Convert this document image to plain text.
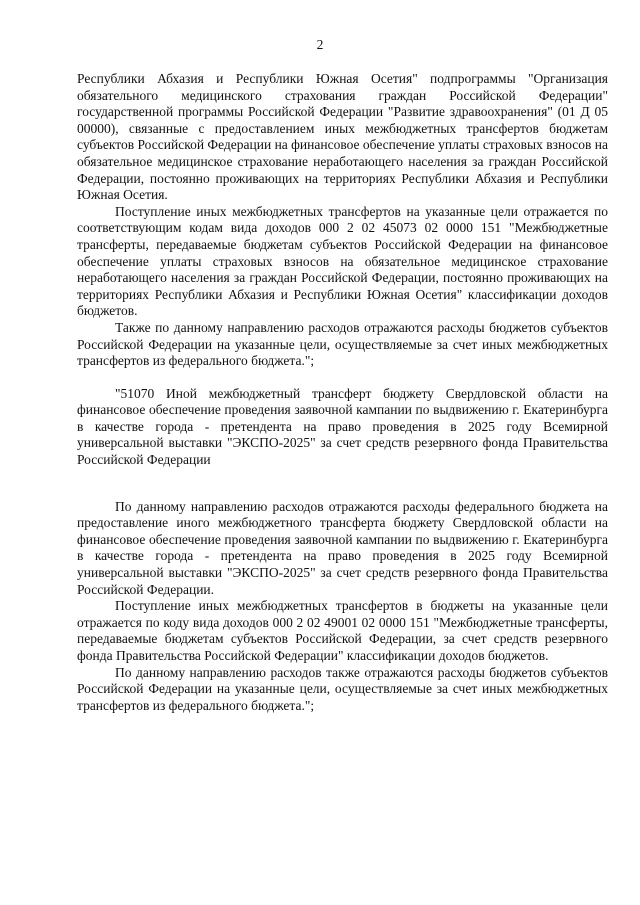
2

Республики Абхазия и Республики Южная Осетия" подпрограммы "Организация обязательного медицинского страхования граждан Российской Федерации" государственной программы Российской Федерации "Развитие здравоохранения" (01 Д 05 00000), связанные с предоставлением иных межбюджетных трансфертов бюджетам субъектов Российской Федерации на финансовое обеспечение уплаты страховых взносов на обязательное медицинское страхование неработающего населения за граждан Российской Федерации, постоянно проживающих на территориях Республики Абхазия и Республики Южная Осетия.

Поступление иных межбюджетных трансфертов на указанные цели отражается по соответствующим кодам вида доходов 000 2 02 45073 02 0000 151 "Межбюджетные трансферты, передаваемые бюджетам субъектов Российской Федерации на финансовое обеспечение уплаты страховых взносов на обязательное медицинское страхование неработающего населения за граждан Российской Федерации, постоянно проживающих на территориях Республики Абхазия и Республики Южная Осетия" классификации доходов бюджетов.

Также по данному направлению расходов отражаются расходы бюджетов субъектов Российской Федерации на указанные цели, осуществляемые за счет иных межбюджетных трансфертов из федерального бюджета.";

"51070 Иной межбюджетный трансферт бюджету Свердловской области на финансовое обеспечение проведения заявочной кампании по выдвижению г. Екатеринбурга в качестве города - претендента на право проведения в 2025 году Всемирной универсальной выставки "ЭКСПО-2025" за счет средств резервного фонда Правительства Российской Федерации

По данному направлению расходов отражаются расходы федерального бюджета на предоставление иного межбюджетного трансферта бюджету Свердловской области на финансовое обеспечение проведения заявочной кампании по выдвижению г. Екатеринбурга в качестве города - претендента на право проведения в 2025 году Всемирной универсальной выставки "ЭКСПО-2025" за счет средств резервного фонда Правительства Российской Федерации.

Поступление иных межбюджетных трансфертов в бюджеты на указанные цели отражается по коду вида доходов 000 2 02 49001 02 0000 151 "Межбюджетные трансферты, передаваемые бюджетам субъектов Российской Федерации, за счет средств резервного фонда Правительства Российской Федерации" классификации доходов бюджетов.

По данному направлению расходов также отражаются расходы бюджетов субъектов Российской Федерации на указанные цели, осуществляемые за счет иных межбюджетных трансфертов из федерального бюджета.";
